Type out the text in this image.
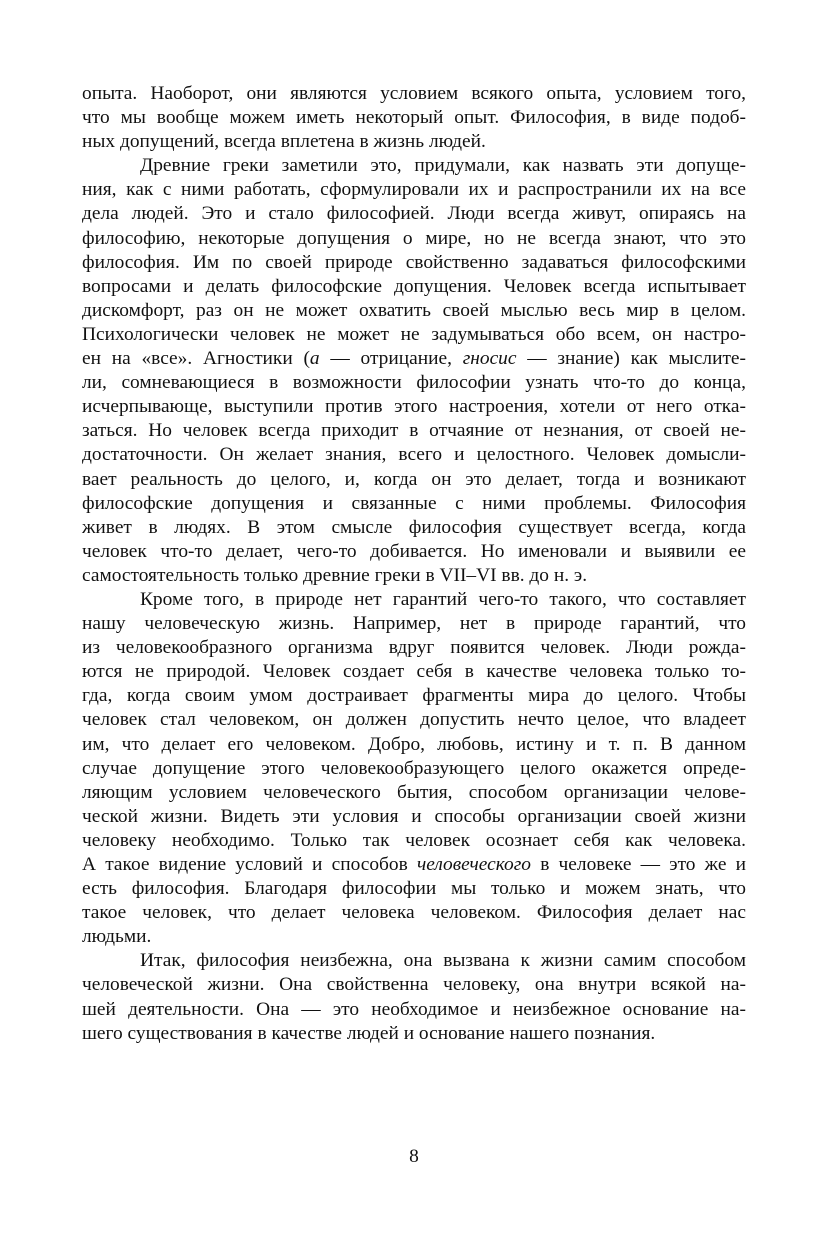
опыта. Наоборот, они являются условием всякого опыта, условием того,
что мы вообще можем иметь некоторый опыт. Философия, в виде подоб-
ных допущений, всегда вплетена в жизнь людей.
Древние греки заметили это, придумали, как назвать эти допуще-
ния, как с ними работать, сформулировали их и распространили их на все
дела людей. Это и стало философией. Люди всегда живут, опираясь на
философию, некоторые допущения о мире, но не всегда знают, что это
философия. Им по своей природе свойственно задаваться философскими
вопросами и делать философские допущения. Человек всегда испытывает
дискомфорт, раз он не может охватить своей мыслью весь мир в целом.
Психологически человек не может не задумываться обо всем, он настро-
ен на «все». Агностики (а — отрицание, гносис — знание) как мыслите-
ли, сомневающиеся в возможности философии узнать что-то до конца,
исчерпывающе, выступили против этого настроения, хотели от него отка-
заться. Но человек всегда приходит в отчаяние от незнания, от своей не-
достаточности. Он желает знания, всего и целостного. Человек домысли-
вает реальность до целого, и, когда он это делает, тогда и возникают
философские допущения и связанные с ними проблемы. Философия
живет в людях. В этом смысле философия существует всегда, когда
человек что-то делает, чего-то добивается. Но именовали и выявили ее
самостоятельность только древние греки в VII–VI вв. до н. э.
Кроме того, в природе нет гарантий чего-то такого, что составляет
нашу человеческую жизнь. Например, нет в природе гарантий, что
из человекообразного организма вдруг появится человек. Люди рожда-
ются не природой. Человек создает себя в качестве человека только то-
гда, когда своим умом достраивает фрагменты мира до целого. Чтобы
человек стал человеком, он должен допустить нечто целое, что владеет
им, что делает его человеком. Добро, любовь, истину и т. п. В данном
случае допущение этого человекообразующего целого окажется опреде-
ляющим условием человеческого бытия, способом организации челове-
ческой жизни. Видеть эти условия и способы организации своей жизни
человеку необходимо. Только так человек осознает себя как человека.
А такое видение условий и способов человеческого в человеке — это же и
есть философия. Благодаря философии мы только и можем знать, что
такое человек, что делает человека человеком. Философия делает нас
людьми.
Итак, философия неизбежна, она вызвана к жизни самим способом
человеческой жизни. Она свойственна человеку, она внутри всякой на-
шей деятельности. Она — это необходимое и неизбежное основание на-
шего существования в качестве людей и основание нашего познания.
8
